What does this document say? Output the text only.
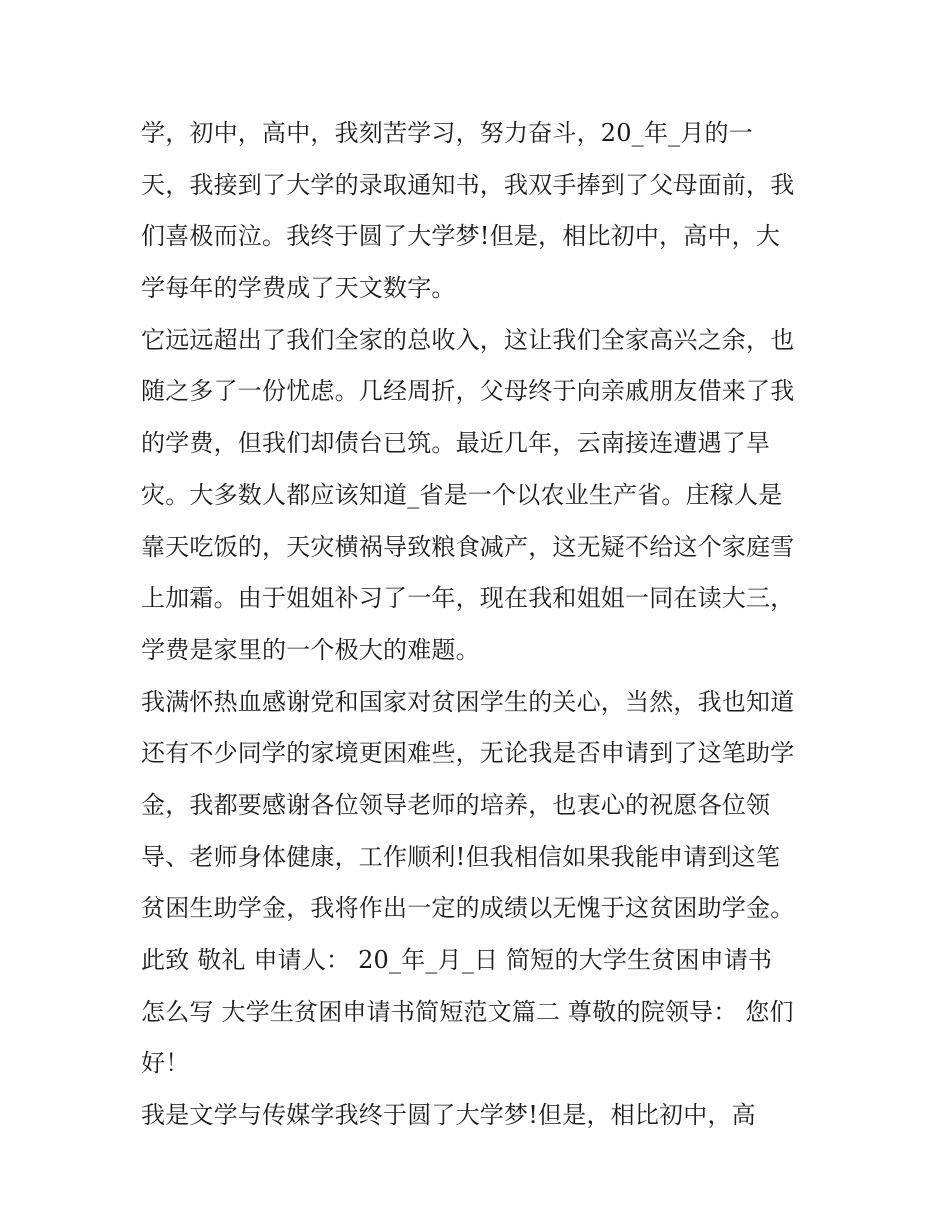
学，初中，高中，我刻苦学习，努力奋斗，20_年_月的一
天，我接到了大学的录取通知书，我双手捧到了父母面前，我
们喜极而泣。我终于圆了大学梦!但是，相比初中，高中，大
学每年的学费成了天文数字。
它远远超出了我们全家的总收入，这让我们全家高兴之余，也
随之多了一份忧虑。几经周折，父母终于向亲戚朋友借来了我
的学费，但我们却债台已筑。最近几年，云南接连遭遇了旱
灾。大多数人都应该知道_省是一个以农业生产省。庄稼人是
靠天吃饭的，天灾横祸导致粮食减产，这无疑不给这个家庭雪
上加霜。由于姐姐补习了一年，现在我和姐姐一同在读大三，
学费是家里的一个极大的难题。
我满怀热血感谢党和国家对贫困学生的关心，当然，我也知道
还有不少同学的家境更困难些，无论我是否申请到了这笔助学
金，我都要感谢各位领导老师的培养，也衷心的祝愿各位领
导、老师身体健康，工作顺利!但我相信如果我能申请到这笔
贫困生助学金，我将作出一定的成绩以无愧于这贫困助学金。
此致 敬礼 申请人： 20_年_月_日 简短的大学生贫困申请书
怎么写 大学生贫困申请书简短范文篇二 尊敬的院领导： 您们
好！
我是文学与传媒学我终于圆了大学梦!但是，相比初中，高
